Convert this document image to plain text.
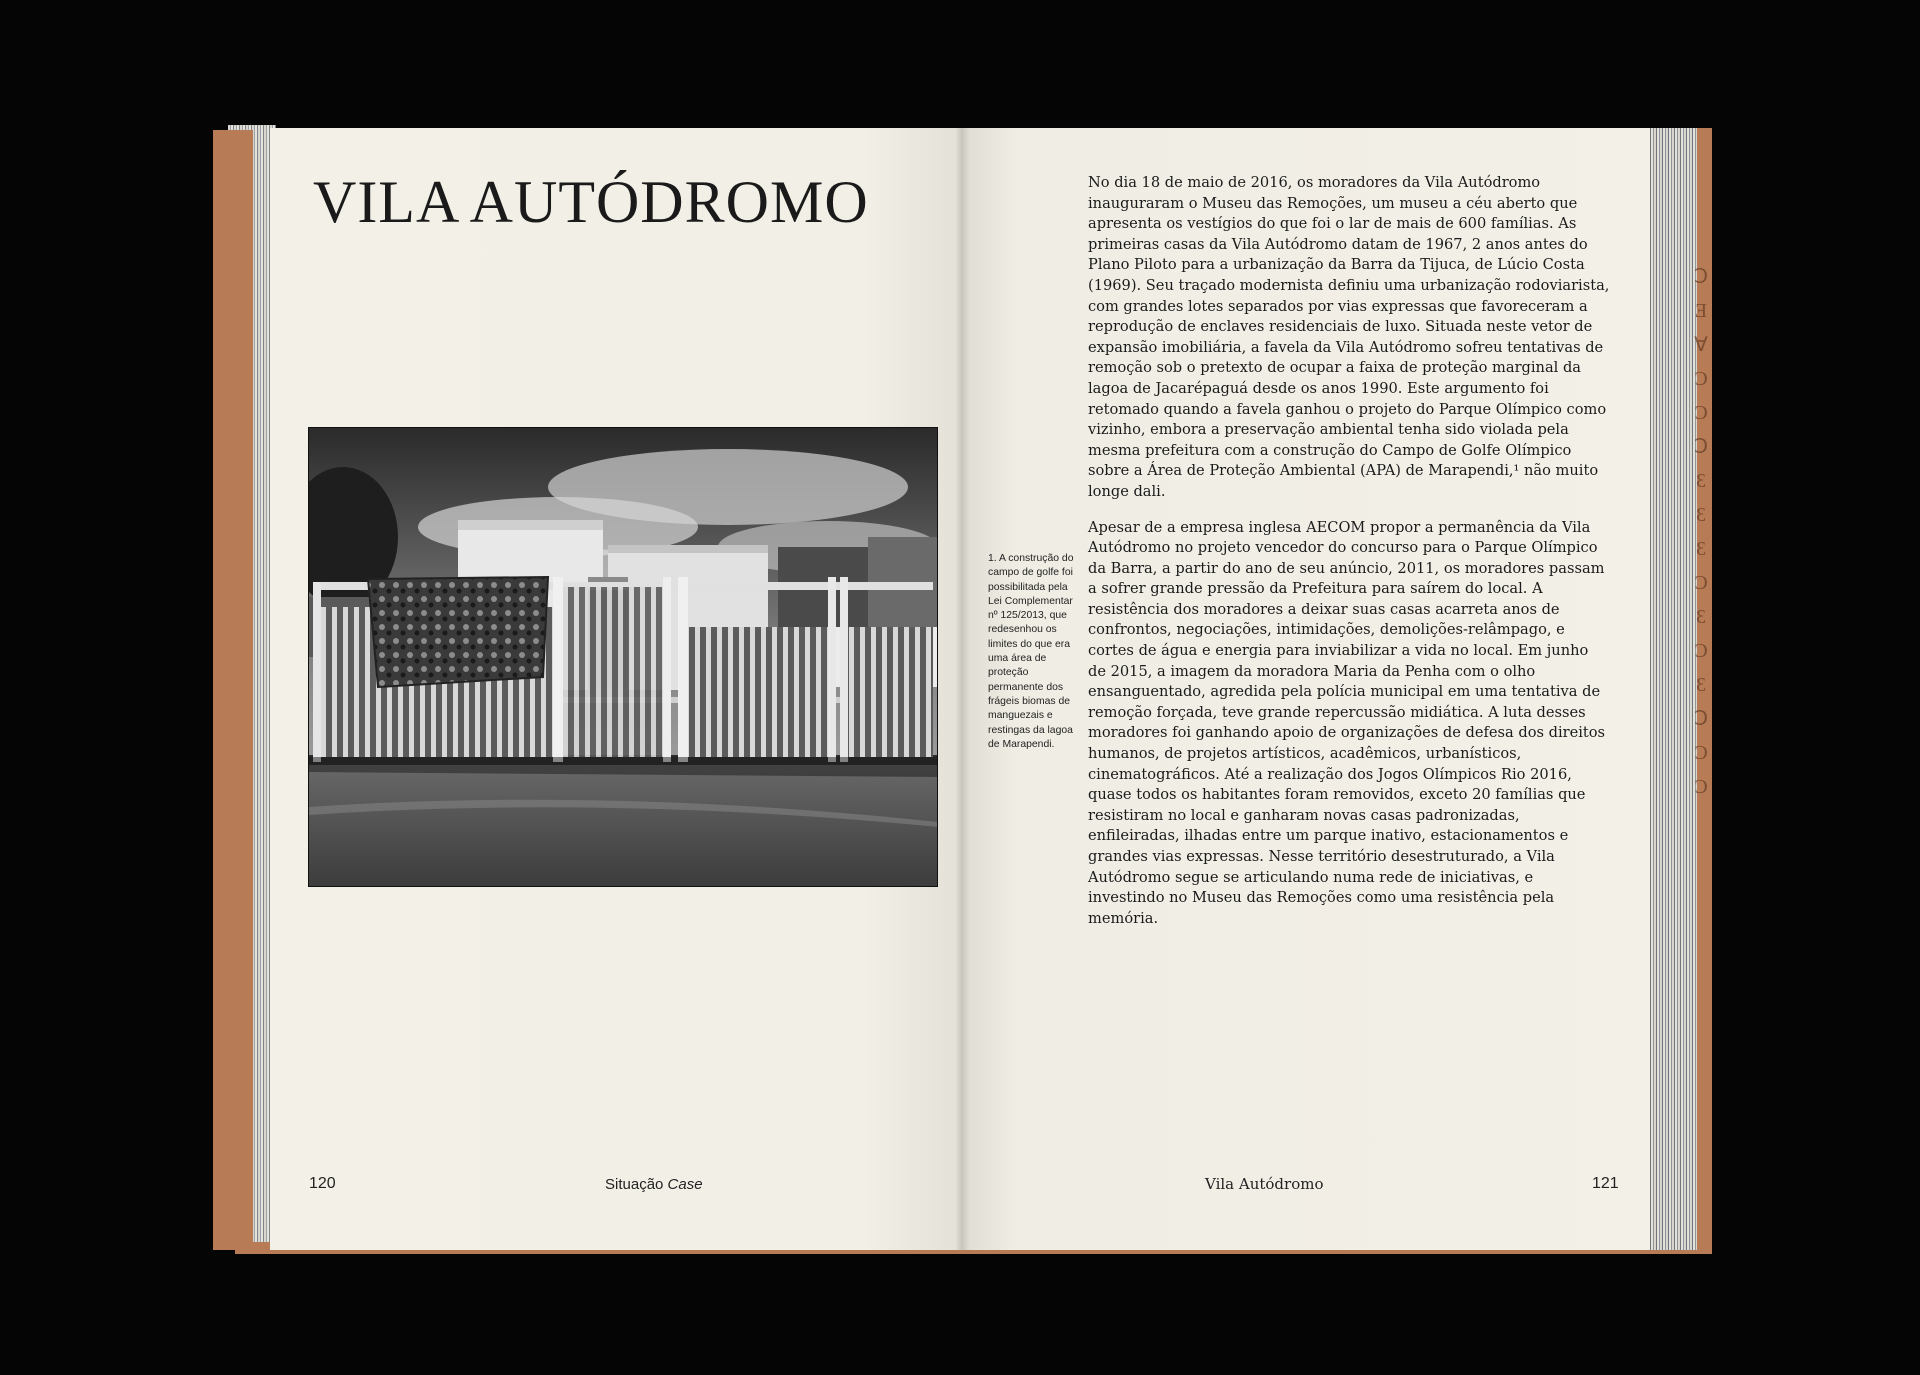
Ↄ
Ǝ
Ɐ
Ɔ
Ɔ
Ↄ
Ɛ
Ɛ
Ɛ
Ɔ
Ɛ
Ɔ
Ɛ
Ↄ
Ɔ
Ɔ
VILA AUTÓDROMO

1. A construção do campo de golfe foi possibilitada pela Lei Complementar nº 125/2013, que redesenhou os limites do que era uma área de proteção permanente dos frágeis biomas de manguezais e restingas da lagoa de Marapendi.

No dia 18 de maio de 2016, os moradores da Vila Autódromo inauguraram o Museu das Remoções, um museu a céu aberto que apresenta os vestígios do que foi o lar de mais de 600 famílias. As primeiras casas da Vila Autódromo datam de 1967, 2 anos antes do Plano Piloto para a urbanização da Barra da Tijuca, de Lúcio Costa (1969). Seu traçado modernista definiu uma urbanização rodoviarista, com grandes lotes separados por vias expressas que favoreceram a reprodução de enclaves residenciais de luxo. Situada neste vetor de expansão imobiliária, a favela da Vila Autódromo sofreu tentativas de remoção sob o pretexto de ocupar a faixa de proteção marginal da lagoa de Jacarépaguá desde os anos 1990. Este argumento foi retomado quando a favela ganhou o projeto do Parque Olímpico como vizinho, embora a preservação ambiental tenha sido violada pela mesma prefeitura com a construção do Campo de Golfe Olímpico sobre a Área de Proteção Ambiental (APA) de Marapendi,¹ não muito longe dali.

Apesar de a empresa inglesa AECOM propor a permanência da Vila Autódromo no projeto vencedor do concurso para o Parque Olímpico da Barra, a partir do ano de seu anúncio, 2011, os moradores passam a sofrer grande pressão da Prefeitura para saírem do local. A resistência dos moradores a deixar suas casas acarreta anos de confrontos, negociações, intimidações, demolições-relâmpago, e cortes de água e energia para inviabilizar a vida no local. Em junho de 2015, a imagem da moradora Maria da Penha com o olho ensanguentado, agredida pela polícia municipal em uma tentativa de remoção forçada, teve grande repercussão midiática. A luta desses moradores foi ganhando apoio de organizações de defesa dos direitos humanos, de projetos artísticos, acadêmicos, urbanísticos, cinematográficos. Até a realização dos Jogos Olímpicos Rio 2016, quase todos os habitantes foram removidos, exceto 20 famílias que resistiram no local e ganharam novas casas padronizadas, enfileiradas, ilhadas entre um parque inativo, estacionamentos e grandes vias expressas. Nesse território desestruturado, a Vila Autódromo segue se articulando numa rede de iniciativas, e investindo no Museu das Remoções como uma resistência pela memória.

120	Situação Case	Vila Autódromo	121
